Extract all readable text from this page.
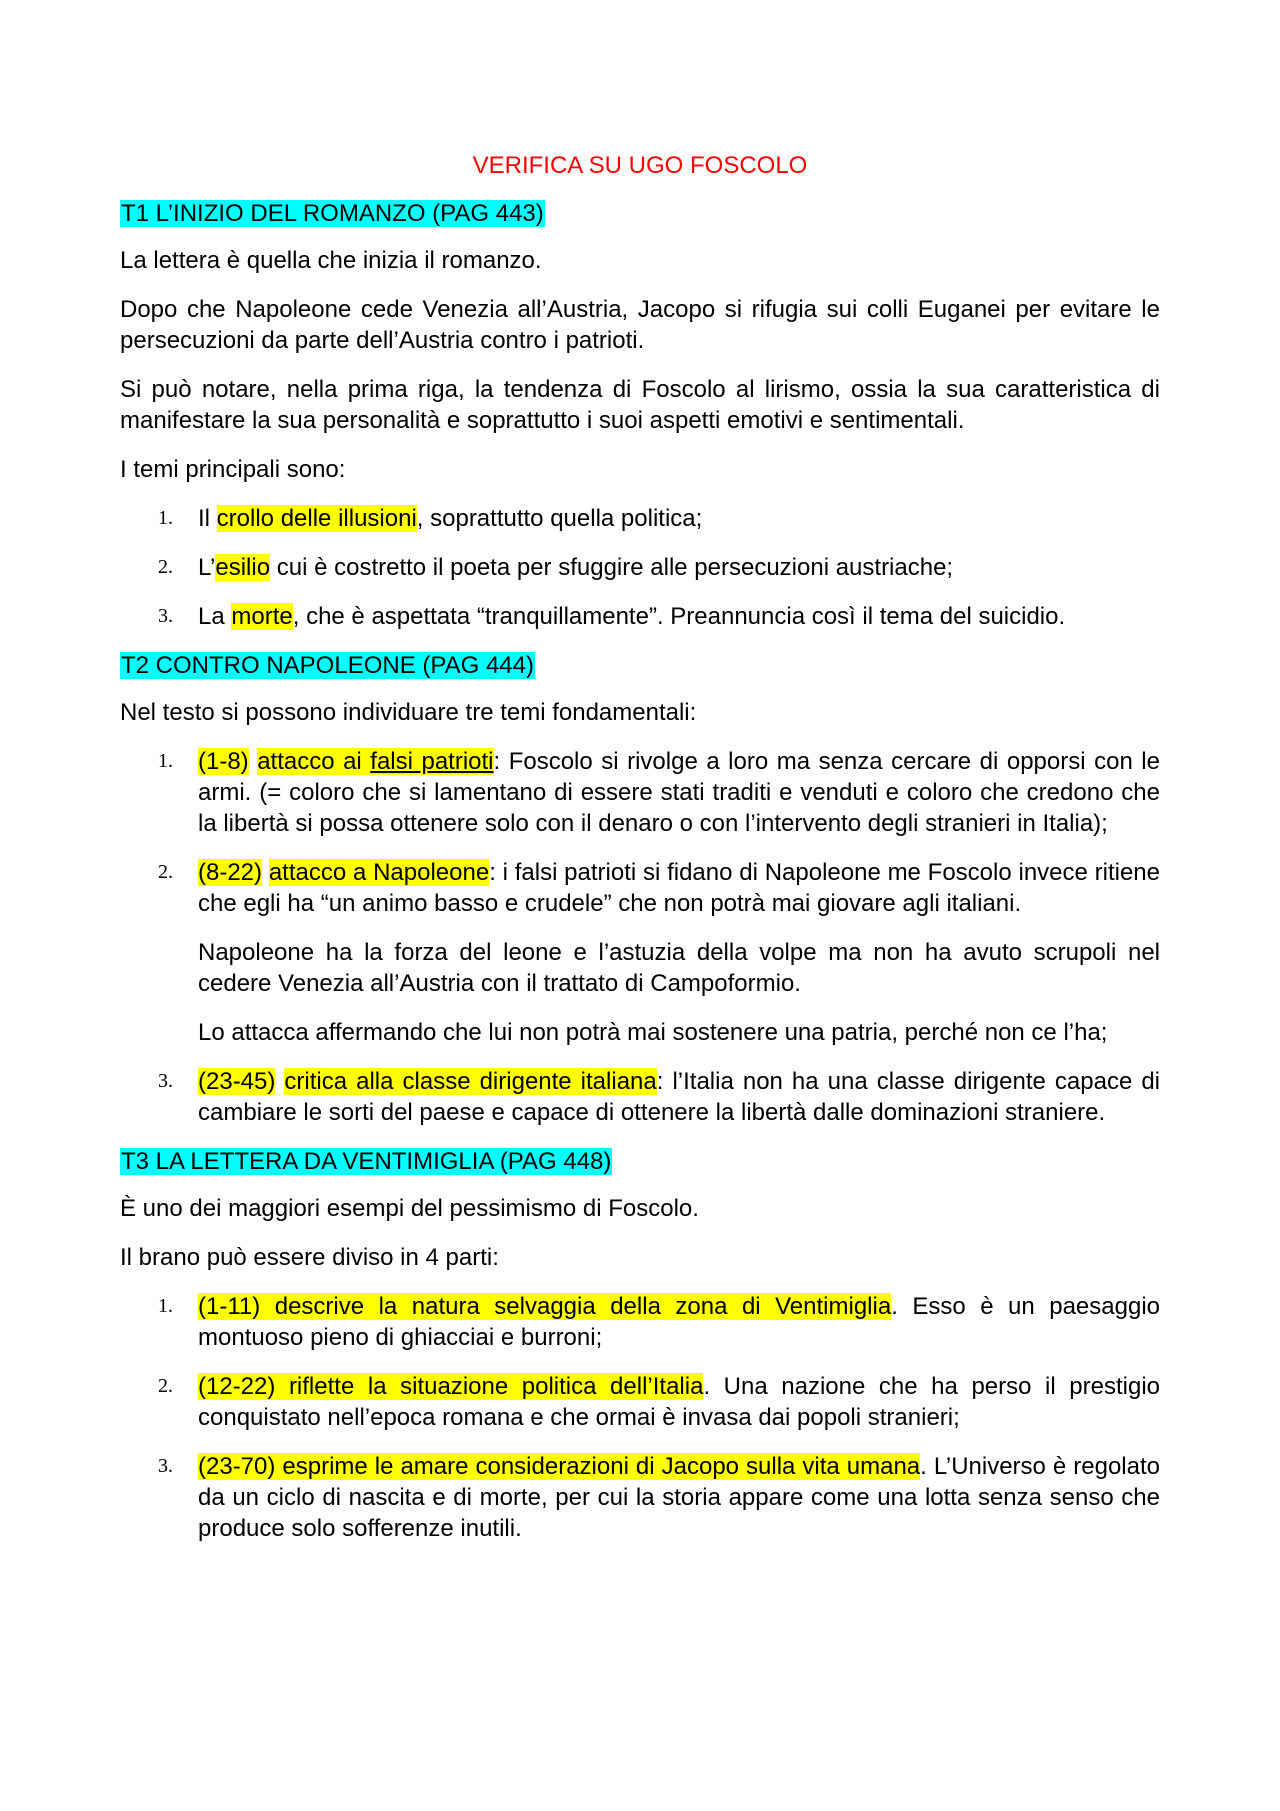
VERIFICA SU UGO FOSCOLO
T1 L’INIZIO DEL ROMANZO (PAG 443)

La lettera è quella che inizia il romanzo.

Dopo che Napoleone cede Venezia all’Austria, Jacopo si rifugia sui colli Euganei per evitare le persecuzioni da parte dell’Austria contro i patrioti.

Si può notare, nella prima riga, la tendenza di Foscolo al lirismo, ossia la sua caratteristica di manifestare la sua personalità e soprattutto i suoi aspetti emotivi e sentimentali.

I temi principali sono:

1. Il crollo delle illusioni, soprattutto quella politica;
2. L’esilio cui è costretto il poeta per sfuggire alle persecuzioni austriache;
3. La morte, che è aspettata “tranquillamente”. Preannuncia così il tema del suicidio.
T2 CONTRO NAPOLEONE (PAG 444)

Nel testo si possono individuare tre temi fondamentali:

1. (1-8) attacco ai falsi patrioti: Foscolo si rivolge a loro ma senza cercare di opporsi con le armi. (= coloro che si lamentano di essere stati traditi e venduti e coloro che credono che la libertà si possa ottenere solo con il denaro o con l’intervento degli stranieri in Italia);
2. (8-22) attacco a Napoleone: i falsi patrioti si fidano di Napoleone me Foscolo invece ritiene che egli ha “un animo basso e crudele” che non potrà mai giovare agli italiani.

Napoleone ha la forza del leone e l’astuzia della volpe ma non ha avuto scrupoli nel cedere Venezia all’Austria con il trattato di Campoformio.

Lo attacca affermando che lui non potrà mai sostenere una patria, perché non ce l’ha;

3. (23-45) critica alla classe dirigente italiana: l’Italia non ha una classe dirigente capace di cambiare le sorti del paese e capace di ottenere la libertà dalle dominazioni straniere.
T3 LA LETTERA DA VENTIMIGLIA (PAG 448)

È uno dei maggiori esempi del pessimismo di Foscolo.

Il brano può essere diviso in 4 parti:

1. (1-11) descrive la natura selvaggia della zona di Ventimiglia. Esso è un paesaggio montuoso pieno di ghiacciai e burroni;
2. (12-22) riflette la situazione politica dell’Italia. Una nazione che ha perso il prestigio conquistato nell’epoca romana e che ormai è invasa dai popoli stranieri;
3. (23-70) esprime le amare considerazioni di Jacopo sulla vita umana. L’Universo è regolato da un ciclo di nascita e di morte, per cui la storia appare come una lotta senza senso che produce solo sofferenze inutili.
